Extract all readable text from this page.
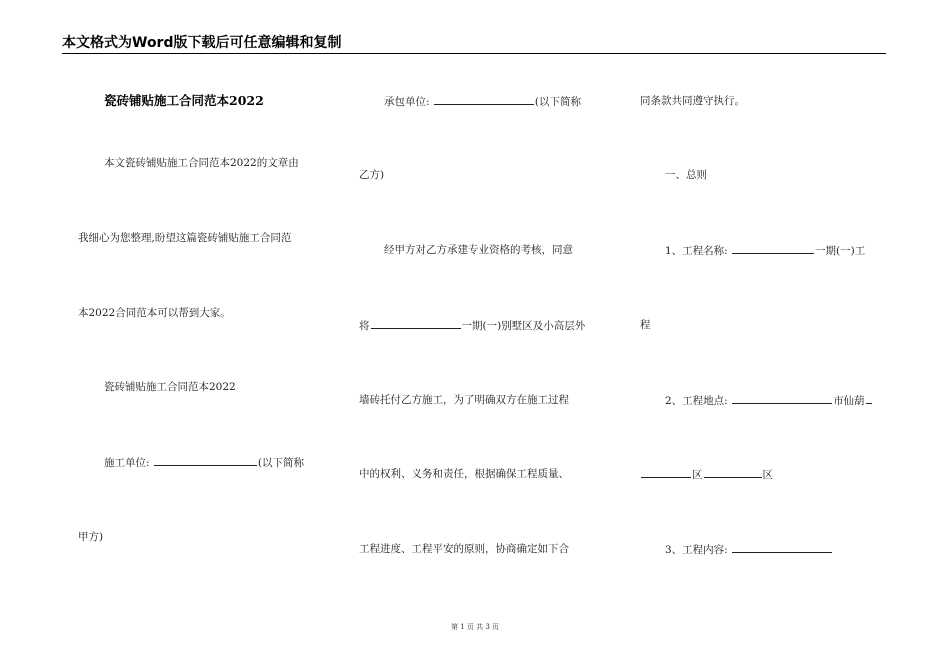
本文格式为Word版下载后可任意编辑和复制
瓷砖铺贴施工合同范本2022
本文瓷砖铺贴施工合同范本2022的文章由
我细心为您整理,盼望这篇瓷砖铺贴施工合同范
本2022合同范本可以帮到大家。
瓷砖铺贴施工合同范本2022
施工单位:	(以下简称
甲方)
承包单位:	(以下简称
乙方)
经甲方对乙方承建专业资格的考核，同意
将	一期(一)别墅区及小高层外
墙砖托付乙方施工，为了明确双方在施工过程
中的权利、义务和责任，根据确保工程质量、
工程进度、工程平安的原则，协商确定如下合
同条款共同遵守执行。
一、总则
1、工程名称:	一期(一)工
程
2、工程地点:	市仙葫
区	区
3、工程内容:
第 1 页 共 3 页
